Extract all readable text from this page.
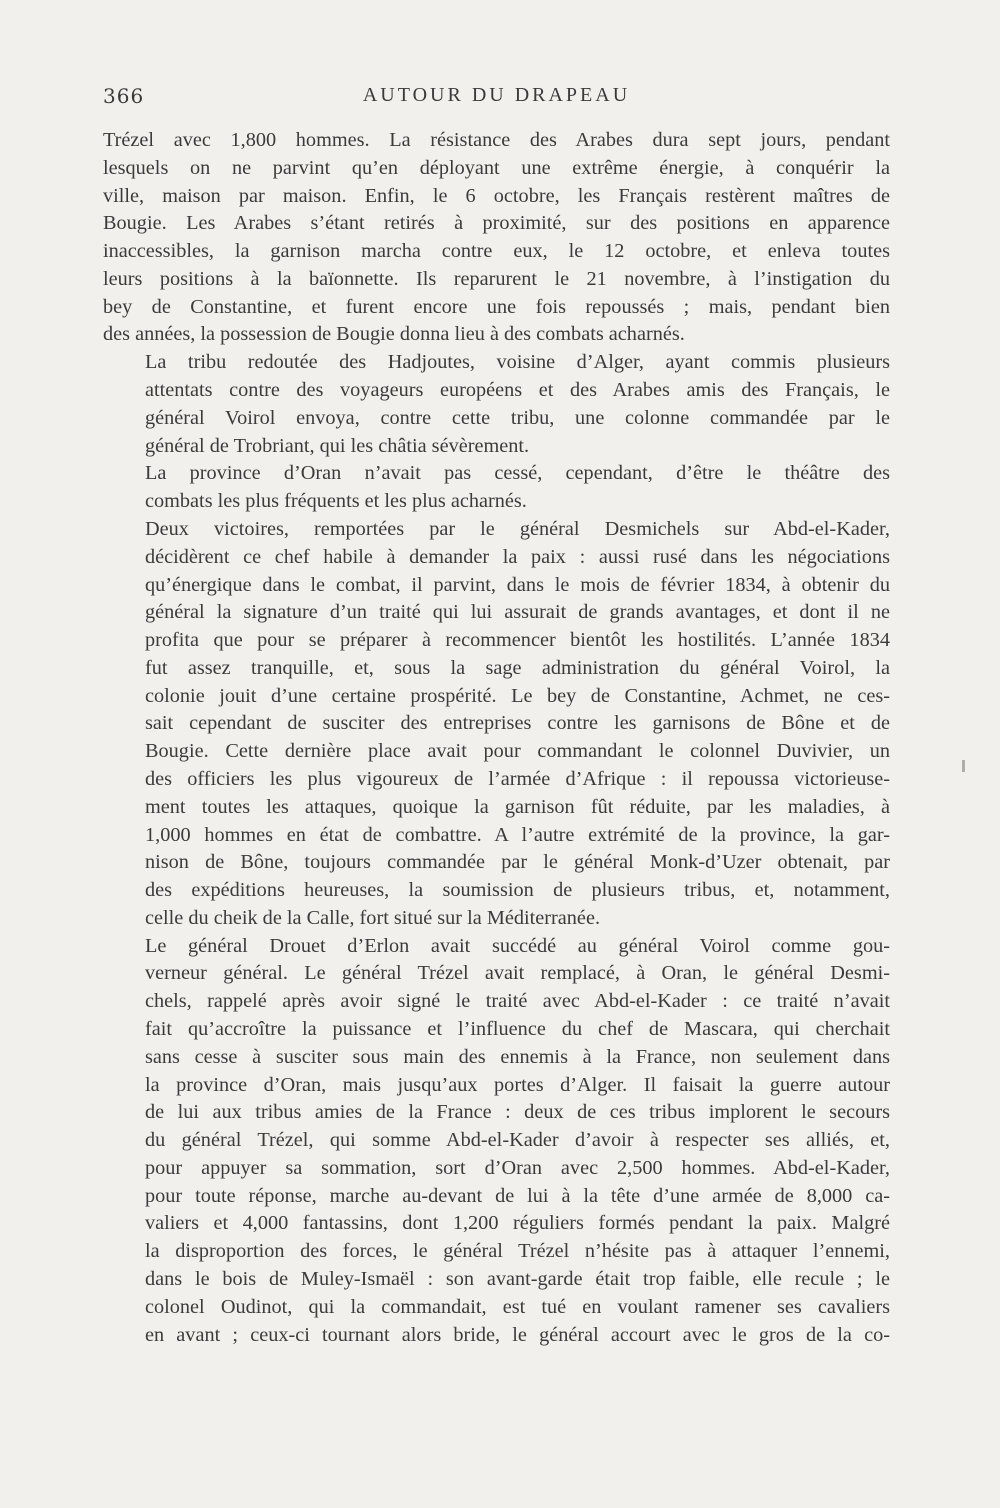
366	AUTOUR DU DRAPEAU

Trézel avec 1,800 hommes. La résistance des Arabes dura sept jours, pendant
lesquels on ne parvint qu’en déployant une extrême énergie, à conquérir la
ville, maison par maison. Enfin, le 6 octobre, les Français restèrent maîtres de
Bougie. Les Arabes s’étant retirés à proximité, sur des positions en apparence
inaccessibles, la garnison marcha contre eux, le 12 octobre, et enleva toutes
leurs positions à la baïonnette. Ils reparurent le 21 novembre, à l’instigation du
bey de Constantine, et furent encore une fois repoussés ; mais, pendant bien
des années, la possession de Bougie donna lieu à des combats acharnés.

La tribu redoutée des Hadjoutes, voisine d’Alger, ayant commis plusieurs
attentats contre des voyageurs européens et des Arabes amis des Français, le
général Voirol envoya, contre cette tribu, une colonne commandée par le
général de Trobriant, qui les châtia sévèrement.

La province d’Oran n’avait pas cessé, cependant, d’être le théâtre des
combats les plus fréquents et les plus acharnés.

Deux victoires, remportées par le général Desmichels sur Abd-el-Kader,
décidèrent ce chef habile à demander la paix : aussi rusé dans les négociations
qu’énergique dans le combat, il parvint, dans le mois de février 1834, à obtenir du
général la signature d’un traité qui lui assurait de grands avantages, et dont il ne
profita que pour se préparer à recommencer bientôt les hostilités. L’année 1834
fut assez tranquille, et, sous la sage administration du général Voirol, la
colonie jouit d’une certaine prospérité. Le bey de Constantine, Achmet, ne ces-
sait cependant de susciter des entreprises contre les garnisons de Bône et de
Bougie. Cette dernière place avait pour commandant le colonnel Duvivier, un
des officiers les plus vigoureux de l’armée d’Afrique : il repoussa victorieuse-
ment toutes les attaques, quoique la garnison fût réduite, par les maladies, à
1,000 hommes en état de combattre. A l’autre extrémité de la province, la gar-
nison de Bône, toujours commandée par le général Monk-d’Uzer obtenait, par
des expéditions heureuses, la soumission de plusieurs tribus, et, notamment,
celle du cheik de la Calle, fort situé sur la Méditerranée.

Le général Drouet d’Erlon avait succédé au général Voirol comme gou-
verneur général. Le général Trézel avait remplacé, à Oran, le général Desmi-
chels, rappelé après avoir signé le traité avec Abd-el-Kader : ce traité n’avait
fait qu’accroître la puissance et l’influence du chef de Mascara, qui cherchait
sans cesse à susciter sous main des ennemis à la France, non seulement dans
la province d’Oran, mais jusqu’aux portes d’Alger. Il faisait la guerre autour
de lui aux tribus amies de la France : deux de ces tribus implorent le secours
du général Trézel, qui somme Abd-el-Kader d’avoir à respecter ses alliés, et,
pour appuyer sa sommation, sort d’Oran avec 2,500 hommes. Abd-el-Kader,
pour toute réponse, marche au-devant de lui à la tête d’une armée de 8,000 ca-
valiers et 4,000 fantassins, dont 1,200 réguliers formés pendant la paix. Malgré
la disproportion des forces, le général Trézel n’hésite pas à attaquer l’ennemi,
dans le bois de Muley-Ismaël : son avant-garde était trop faible, elle recule ; le
colonel Oudinot, qui la commandait, est tué en voulant ramener ses cavaliers
en avant ; ceux-ci tournant alors bride, le général accourt avec le gros de la co-
